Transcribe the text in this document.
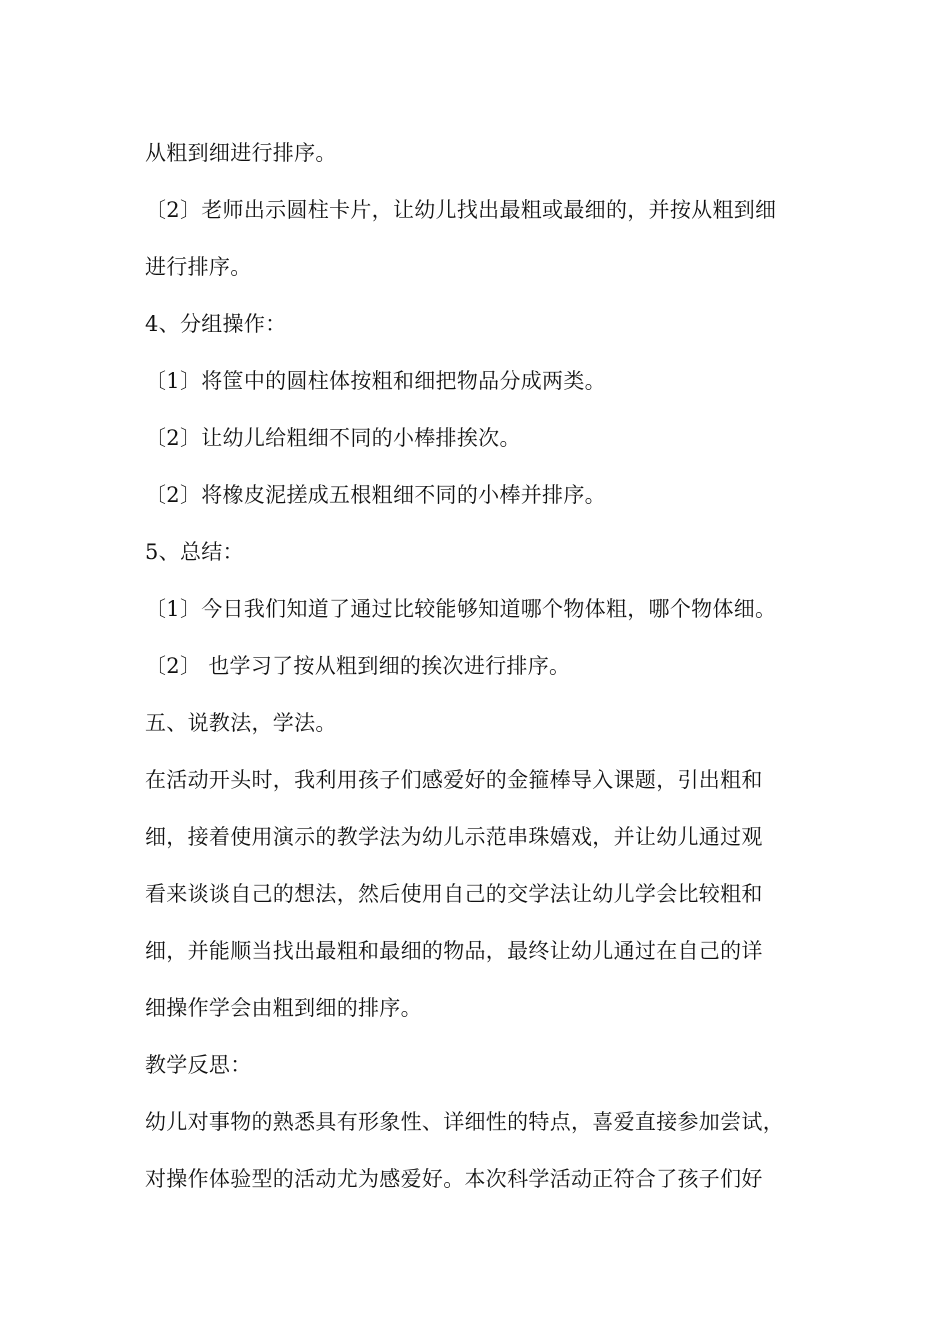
从粗到细进行排序。
〔2〕老师出示圆柱卡片，让幼儿找出最粗或最细的，并按从粗到细
进行排序。
4、分组操作：
〔1〕将筐中的圆柱体按粗和细把物品分成两类。
〔2〕让幼儿给粗细不同的小棒排挨次。
〔2〕将橡皮泥搓成五根粗细不同的小棒并排序。
5、总结：
〔1〕今日我们知道了通过比较能够知道哪个物体粗，哪个物体细。
〔2〕 也学习了按从粗到细的挨次进行排序。
五、说教法，学法。
在活动开头时，我利用孩子们感爱好的金箍棒导入课题，引出粗和
细，接着使用演示的教学法为幼儿示范串珠嬉戏，并让幼儿通过观
看来谈谈自己的想法，然后使用自己的交学法让幼儿学会比较粗和
细，并能顺当找出最粗和最细的物品，最终让幼儿通过在自己的详
细操作学会由粗到细的排序。
教学反思：
幼儿对事物的熟悉具有形象性、详细性的特点，喜爱直接参加尝试，
对操作体验型的活动尤为感爱好。本次科学活动正符合了孩子们好
